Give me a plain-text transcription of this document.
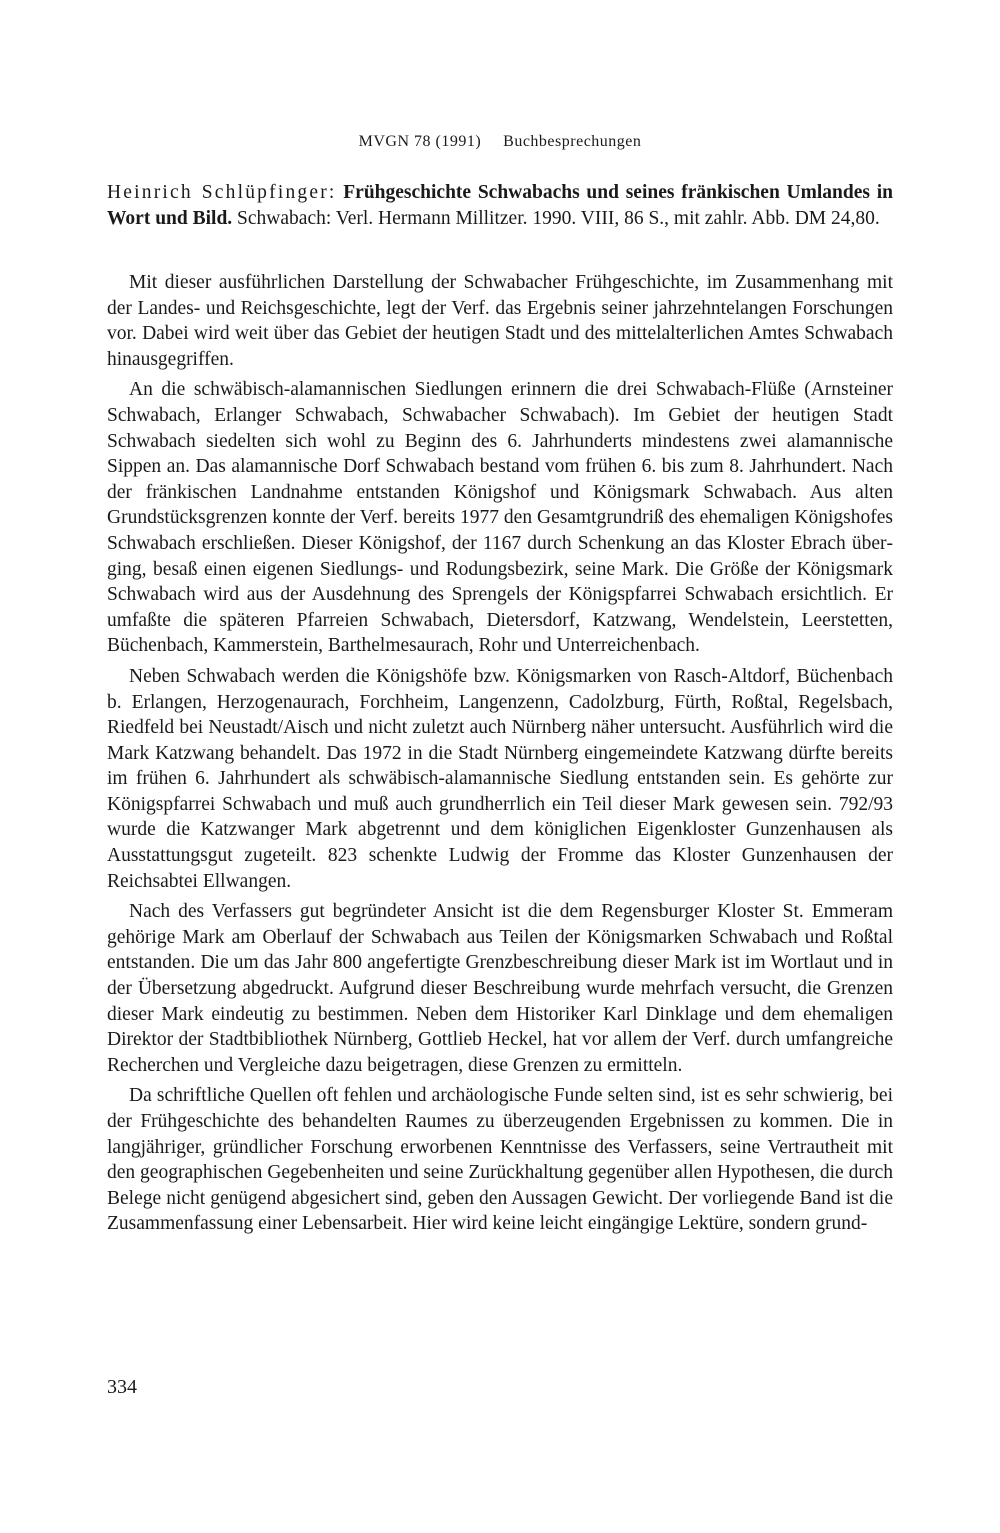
MVGN 78 (1991) Buchbesprechungen
Heinrich Schlüpfinger: Frühgeschichte Schwabachs und seines fränkischen Umlandes in Wort und Bild. Schwabach: Verl. Hermann Millitzer. 1990. VIII, 86 S., mit zahlr. Abb. DM 24,80.

Mit dieser ausführlichen Darstellung der Schwabacher Frühgeschichte, im Zusammenhang mit der Landes- und Reichsgeschichte, legt der Verf. das Ergebnis seiner jahrzehntelangen Forschungen vor. Dabei wird weit über das Gebiet der heutigen Stadt und des mittelalterlichen Amtes Schwabach hinausgegriffen.

An die schwäbisch-alamannischen Siedlungen erinnern die drei Schwabach-Flüße (Arnsteiner Schwabach, Erlanger Schwabach, Schwabacher Schwabach). Im Gebiet der heutigen Stadt Schwabach siedelten sich wohl zu Beginn des 6. Jahrhunderts mindestens zwei alamannische Sippen an. Das alamannische Dorf Schwabach bestand vom frühen 6. bis zum 8. Jahrhundert. Nach der fränkischen Landnahme entstanden Königshof und Königsmark Schwabach. Aus alten Grundstücksgrenzen konnte der Verf. bereits 1977 den Gesamtgrundriß des ehemaligen Königshofes Schwabach erschließen. Dieser Königshof, der 1167 durch Schenkung an das Kloster Ebrach überging, besaß einen eigenen Siedlungs- und Rodungsbezirk, seine Mark. Die Größe der Königsmark Schwabach wird aus der Ausdehnung des Sprengels der Königspfarrei Schwabach ersichtlich. Er umfaßte die späteren Pfarreien Schwabach, Dietersdorf, Katzwang, Wendelstein, Leerstetten, Büchenbach, Kammerstein, Barthelmesaurach, Rohr und Unterreichenbach.

Neben Schwabach werden die Königshöfe bzw. Königsmarken von Rasch-Altdorf, Büchenbach b. Erlangen, Herzogenaurach, Forchheim, Langenzenn, Cadolzburg, Fürth, Roßtal, Regelsbach, Riedfeld bei Neustadt/Aisch und nicht zuletzt auch Nürnberg näher untersucht. Ausführlich wird die Mark Katzwang behandelt. Das 1972 in die Stadt Nürnberg eingemeindete Katzwang dürfte bereits im frühen 6. Jahrhundert als schwäbisch-alamannische Siedlung entstanden sein. Es gehörte zur Königspfarrei Schwabach und muß auch grundherrlich ein Teil dieser Mark gewesen sein. 792/93 wurde die Katzwanger Mark abgetrennt und dem königlichen Eigenkloster Gunzenhausen als Ausstattungsgut zugeteilt. 823 schenkte Ludwig der Fromme das Kloster Gunzenhausen der Reichsabtei Ellwangen.

Nach des Verfassers gut begründeter Ansicht ist die dem Regensburger Kloster St. Emmeram gehörige Mark am Oberlauf der Schwabach aus Teilen der Königsmarken Schwabach und Roßtal entstanden. Die um das Jahr 800 angefertigte Grenzbeschreibung dieser Mark ist im Wortlaut und in der Übersetzung abgedruckt. Aufgrund dieser Beschreibung wurde mehrfach versucht, die Grenzen dieser Mark eindeutig zu bestimmen. Neben dem Historiker Karl Dinklage und dem ehemaligen Direktor der Stadtbibliothek Nürnberg, Gottlieb Heckel, hat vor allem der Verf. durch umfangreiche Recherchen und Vergleiche dazu beigetragen, diese Grenzen zu ermitteln.

Da schriftliche Quellen oft fehlen und archäologische Funde selten sind, ist es sehr schwierig, bei der Frühgeschichte des behandelten Raumes zu überzeugenden Ergebnissen zu kommen. Die in langjähriger, gründlicher Forschung erworbenen Kenntnisse des Verfassers, seine Vertrautheit mit den geographischen Gegebenheiten und seine Zurückhaltung gegenüber allen Hypothesen, die durch Belege nicht genügend abgesichert sind, geben den Aussagen Gewicht. Der vorliegende Band ist die Zusammenfassung einer Lebensarbeit. Hier wird keine leicht eingängige Lektüre, sondern grund-

334
